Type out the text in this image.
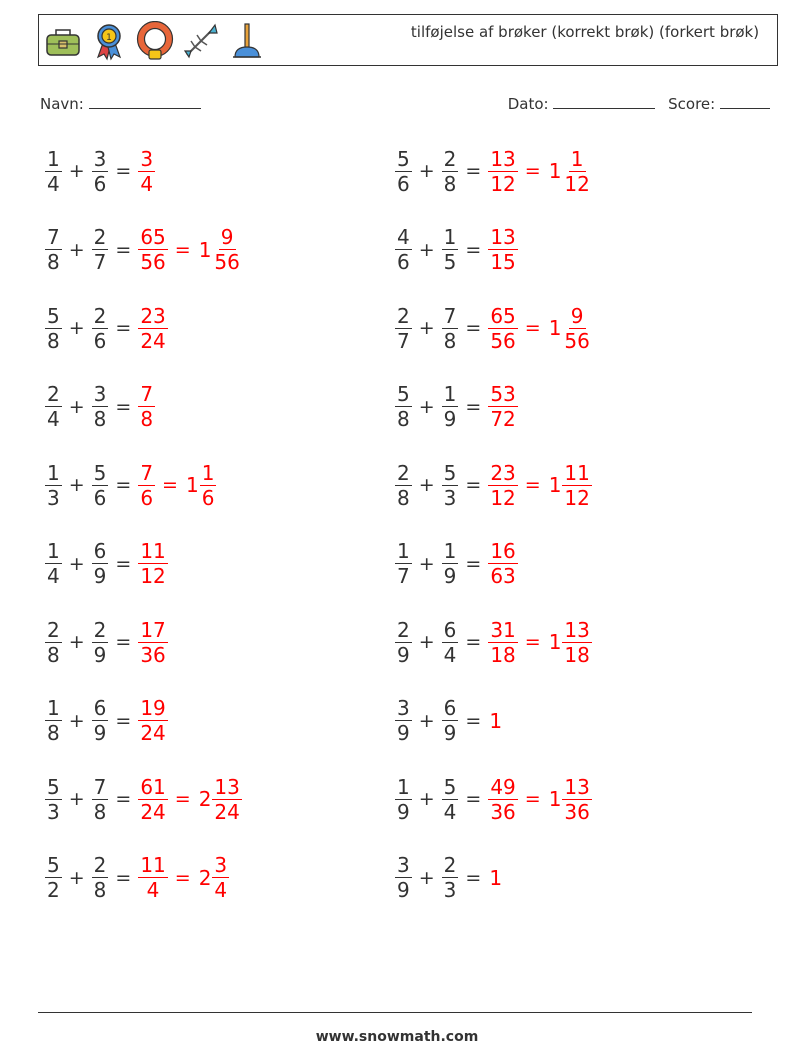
1	tilføjelse af brøker (korrekt brøk) (forkert brøk)
Navn:	Dato:	Score:
$\frac{1}{4} + \frac{3}{6} = \frac{3}{4}$	$\frac{5}{6} + \frac{2}{8} = \frac{13}{12} = 1 \frac{1}{12}$
$\frac{7}{8} + \frac{2}{7} = \frac{65}{56} = 1 \frac{9}{56}$	$\frac{4}{6} + \frac{1}{5} = \frac{13}{15}$
$\frac{5}{8} + \frac{2}{6} = \frac{23}{24}$	$\frac{2}{7} + \frac{7}{8} = \frac{65}{56} = 1 \frac{9}{56}$
$\frac{2}{4} + \frac{3}{8} = \frac{7}{8}$	$\frac{5}{8} + \frac{1}{9} = \frac{53}{72}$
$\frac{1}{3} + \frac{5}{6} = \frac{7}{6} = 1 \frac{1}{6}$	$\frac{2}{8} + \frac{5}{3} = \frac{23}{12} = 1 \frac{11}{12}$
$\frac{1}{4} + \frac{6}{9} = \frac{11}{12}$	$\frac{1}{7} + \frac{1}{9} = \frac{16}{63}$
$\frac{2}{8} + \frac{2}{9} = \frac{17}{36}$	$\frac{2}{9} + \frac{6}{4} = \frac{31}{18} = 1 \frac{13}{18}$
$\frac{1}{8} + \frac{6}{9} = \frac{19}{24}$	$\frac{3}{9} + \frac{6}{9} = 1$
$\frac{5}{3} + \frac{7}{8} = \frac{61}{24} = 2 \frac{13}{24}$	$\frac{1}{9} + \frac{5}{4} = \frac{49}{36} = 1 \frac{13}{36}$
$\frac{5}{2} + \frac{2}{8} = \frac{11}{4} = 2 \frac{3}{4}$	$\frac{3}{9} + \frac{2}{3} = 1$
www.snowmath.com
